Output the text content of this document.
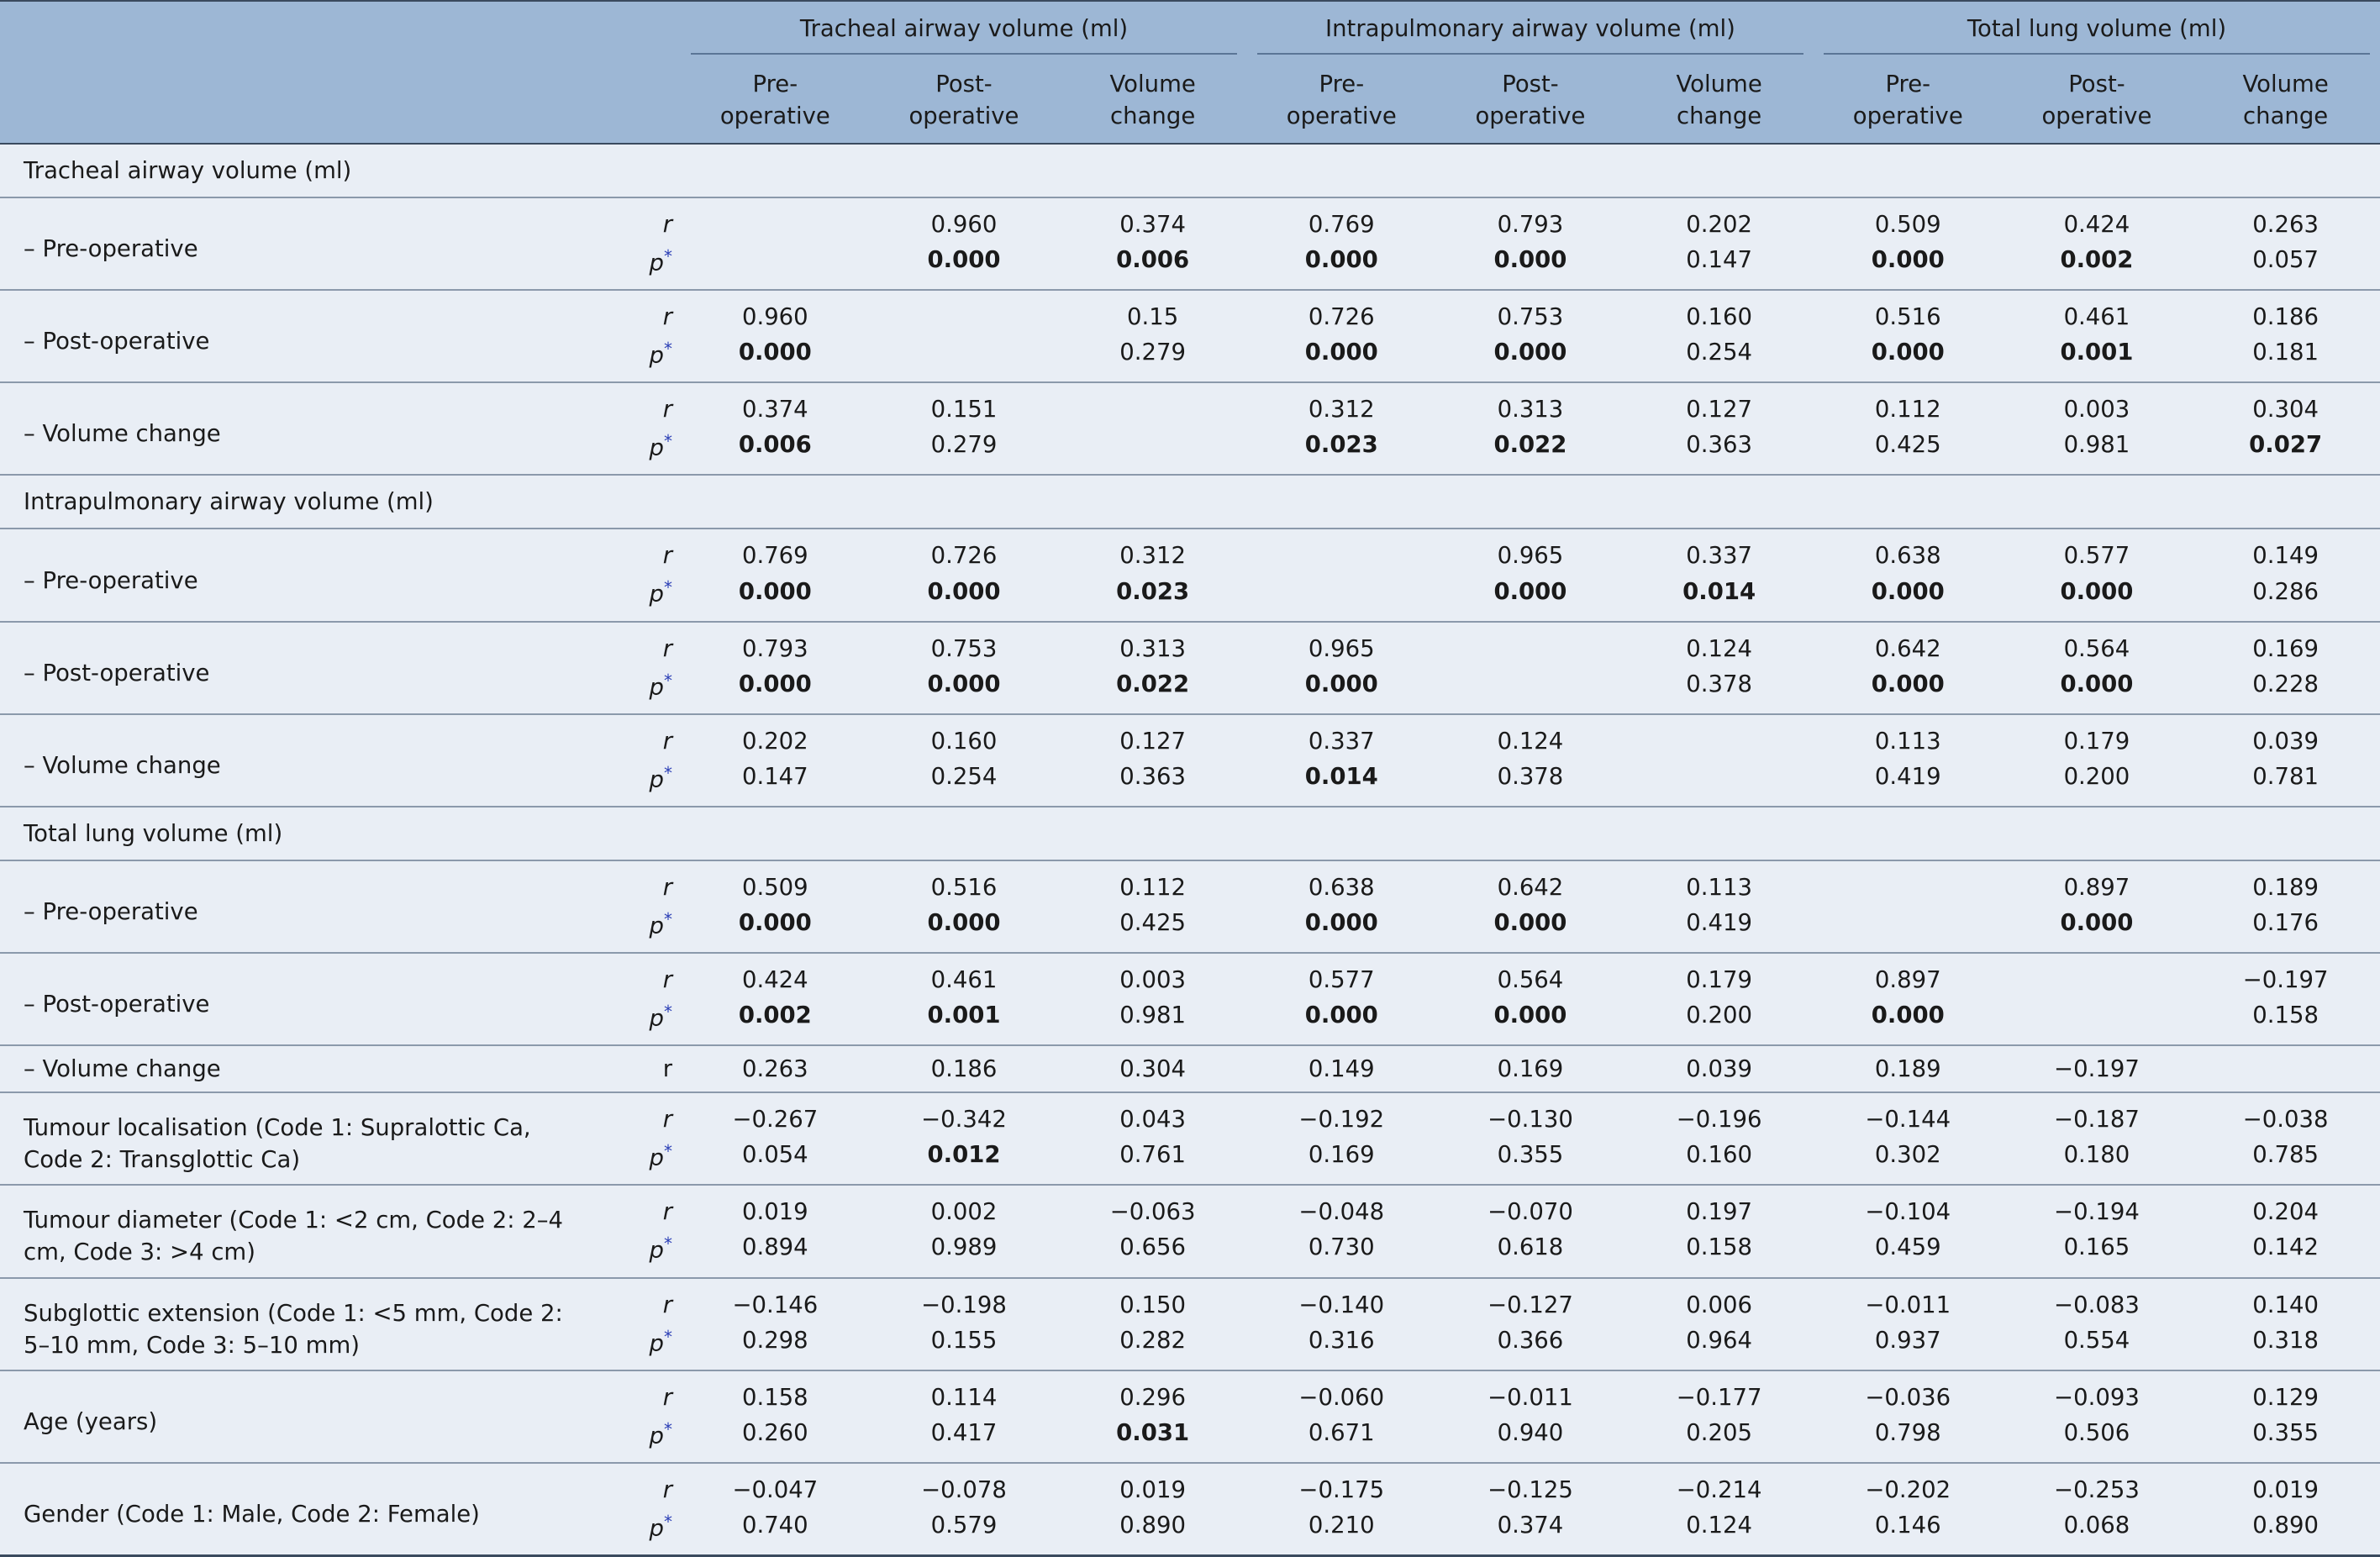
		Tracheal airway volume (ml)			Intrapulmonary airway volume (ml)			Total lung volume (ml)		

		Pre-
operative	Post-
operative	Volume
change	Pre-
operative	Post-
operative	Volume
change	Pre-
operative	Post-
operative	Volume
change
Tracheal airway volume (ml)										
– Pre-operative	r		0.960	0.374	0.769	0.793	0.202	0.509	0.424	0.263
	p*		0.000	0.006	0.000	0.000	0.147	0.000	0.002	0.057
– Post-operative	r	0.960		0.15	0.726	0.753	0.160	0.516	0.461	0.186
	p*	0.000		0.279	0.000	0.000	0.254	0.000	0.001	0.181
– Volume change	r	0.374	0.151		0.312	0.313	0.127	0.112	0.003	0.304
	p*	0.006	0.279		0.023	0.022	0.363	0.425	0.981	0.027
Intrapulmonary airway volume (ml)										
– Pre-operative	r	0.769	0.726	0.312		0.965	0.337	0.638	0.577	0.149
	p*	0.000	0.000	0.023		0.000	0.014	0.000	0.000	0.286
– Post-operative	r	0.793	0.753	0.313	0.965		0.124	0.642	0.564	0.169
	p*	0.000	0.000	0.022	0.000		0.378	0.000	0.000	0.228
– Volume change	r	0.202	0.160	0.127	0.337	0.124		0.113	0.179	0.039
	p*	0.147	0.254	0.363	0.014	0.378		0.419	0.200	0.781
Total lung volume (ml)										
– Pre-operative	r	0.509	0.516	0.112	0.638	0.642	0.113		0.897	0.189
	p*	0.000	0.000	0.425	0.000	0.000	0.419		0.000	0.176
– Post-operative	r	0.424	0.461	0.003	0.577	0.564	0.179	0.897		−0.197
	p*	0.002	0.001	0.981	0.000	0.000	0.200	0.000		0.158
– Volume change	r	0.263	0.186	0.304	0.149	0.169	0.039	0.189	−0.197	
Tumour localisation (Code 1: Supralottic Ca, Code 2: Transglottic Ca)	r	−0.267	−0.342	0.043	−0.192	−0.130	−0.196	−0.144	−0.187	−0.038
	p*	0.054	0.012	0.761	0.169	0.355	0.160	0.302	0.180	0.785
Tumour diameter (Code 1: <2 cm, Code 2: 2–4 cm, Code 3: >4 cm)	r	0.019	0.002	−0.063	−0.048	−0.070	0.197	−0.104	−0.194	0.204
	p*	0.894	0.989	0.656	0.730	0.618	0.158	0.459	0.165	0.142
Subglottic extension (Code 1: <5 mm, Code 2: 5–10 mm, Code 3: 5–10 mm)	r	−0.146	−0.198	0.150	−0.140	−0.127	0.006	−0.011	−0.083	0.140
	p*	0.298	0.155	0.282	0.316	0.366	0.964	0.937	0.554	0.318
Age (years)	r	0.158	0.114	0.296	−0.060	−0.011	−0.177	−0.036	−0.093	0.129
	p*	0.260	0.417	0.031	0.671	0.940	0.205	0.798	0.506	0.355
Gender (Code 1: Male, Code 2: Female)	r	−0.047	−0.078	0.019	−0.175	−0.125	−0.214	−0.202	−0.253	0.019
	p*	0.740	0.579	0.890	0.210	0.374	0.124	0.146	0.068	0.890
